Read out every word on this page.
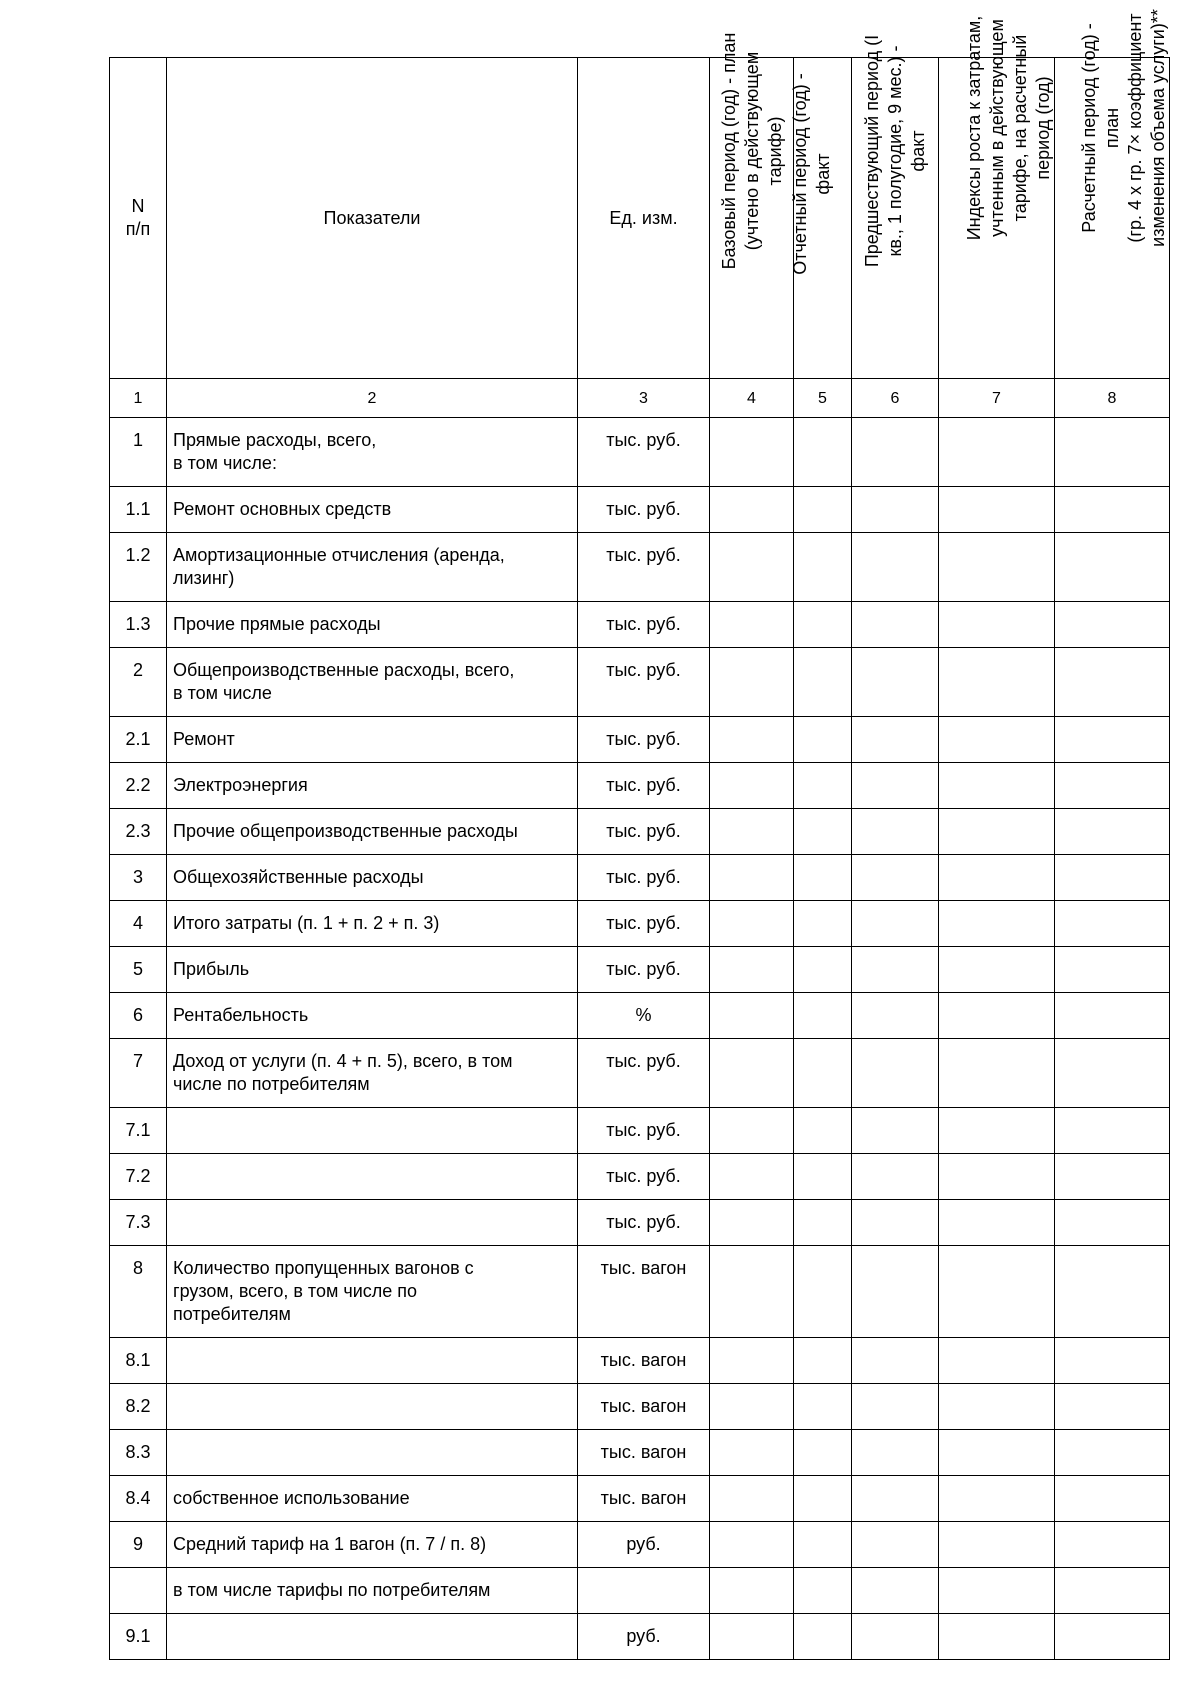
N
п/п	Показатели	Ед. изм.	Базовый период (год) - план
(учтено в действующем
тарифе)	Отчетный период (год) -
факт	Предшествующий период (I
кв., 1 полугодие, 9 мес.) -
факт	Индексы роста к затратам,
учтенным в действующем
тарифе, на расчетный
период (год)	Расчетный период (год) -
план
(гр. 4 х гр. 7× коэффициент
изменения объема услуги)**

1	2	3	4	5	6	7	8
1	Прямые расходы, всего,
в том числе:	тыс. руб.					
1.1	Ремонт основных средств	тыс. руб.					
1.2	Амортизационные отчисления (аренда,
лизинг)	тыс. руб.					
1.3	Прочие прямые расходы	тыс. руб.					
2	Общепроизводственные расходы, всего,
в том числе	тыс. руб.					
2.1	Ремонт	тыс. руб.					
2.2	Электроэнергия	тыс. руб.					
2.3	Прочие общепроизводственные расходы	тыс. руб.					
3	Общехозяйственные расходы	тыс. руб.					
4	Итого затраты (п. 1 + п. 2 + п. 3)	тыс. руб.					
5	Прибыль	тыс. руб.					
6	Рентабельность	%					
7	Доход от услуги (п. 4 + п. 5), всего, в том
числе по потребителям	тыс. руб.					
7.1		тыс. руб.					
7.2		тыс. руб.					
7.3		тыс. руб.					
8	Количество пропущенных вагонов с
грузом, всего, в том числе по
потребителям	тыс. вагон					
8.1		тыс. вагон					
8.2		тыс. вагон					
8.3		тыс. вагон					
8.4	собственное использование	тыс. вагон					
9	Средний тариф на 1 вагон (п. 7 / п. 8)	руб.					
	в том числе тарифы по потребителям						
9.1		руб.					
